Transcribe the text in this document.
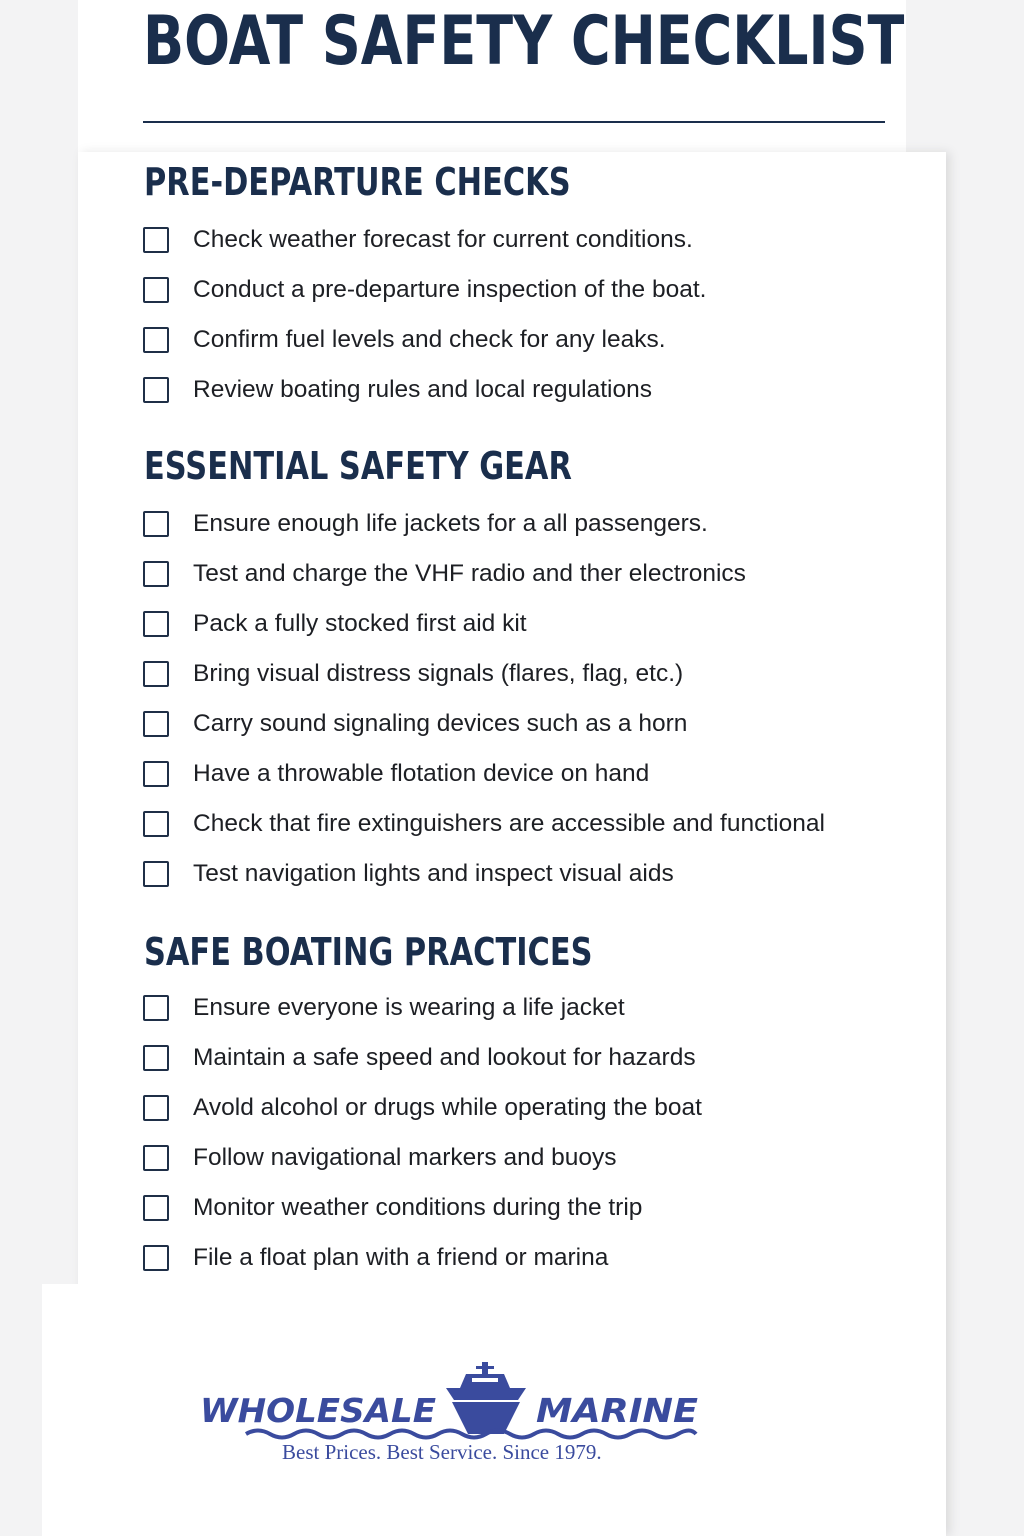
BOAT SAFETY CHECKLIST
PRE-DEPARTURE CHECKS
Check weather forecast for current conditions.
Conduct a pre-departure inspection of the boat.
Confirm fuel levels and check for any leaks.
Review boating rules and local regulations
ESSENTIAL SAFETY GEAR
Ensure enough life jackets for a all passengers.
Test and charge the VHF radio and ther electronics
Pack a fully stocked first aid kit
Bring visual distress signals (flares, flag, etc.)
Carry sound signaling devices such as a horn
Have a throwable flotation device on hand
Check that fire extinguishers are accessible and functional
Test navigation lights and inspect visual aids
SAFE BOATING PRACTICES
Ensure everyone is wearing a life jacket
Maintain a safe speed and lookout for hazards
Avold alcohol or drugs while operating the boat
Follow navigational markers and buoys
Monitor weather conditions during the trip
File a float plan with a friend or marina
WHOLESALE	MARINE
Best Prices. Best Service. Since 1979.
